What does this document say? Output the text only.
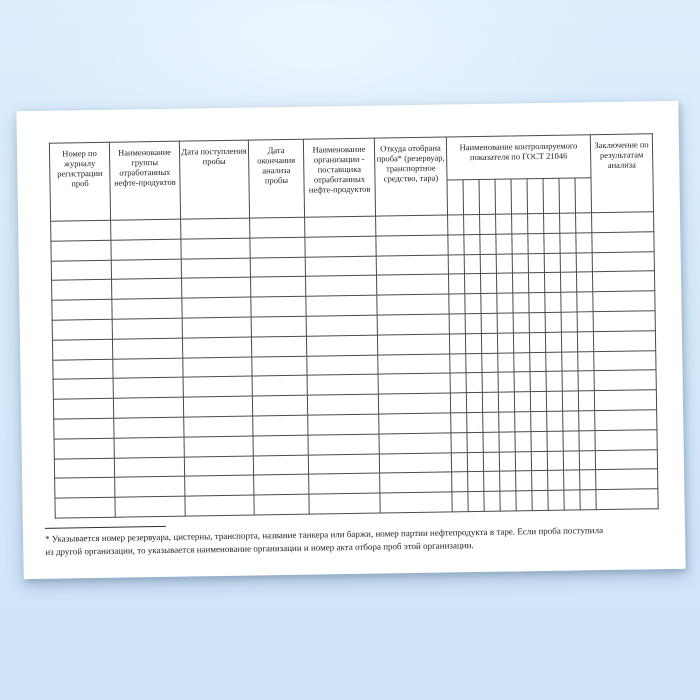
Номер по журналу регистрации проб	Наименование группы отработанных нефте-продуктов	Дата поступления пробы	Дата окончания анализа пробы	Наименование организации - поставщика отработанных нефте-продуктов	Откуда отобрана проба* (резервуар, транспортное средство, тара)	Наименование контролируемого показателя по ГОСТ 21046									Заключение по результатам анализа

* Указывается номер резервуара, цистерны, транспорта, название танкера или баржи, номер партии нефтепродукта в таре. Если проба поступила
из другой организации, то указывается наименование организации и номер акта отбора проб этой организации.
